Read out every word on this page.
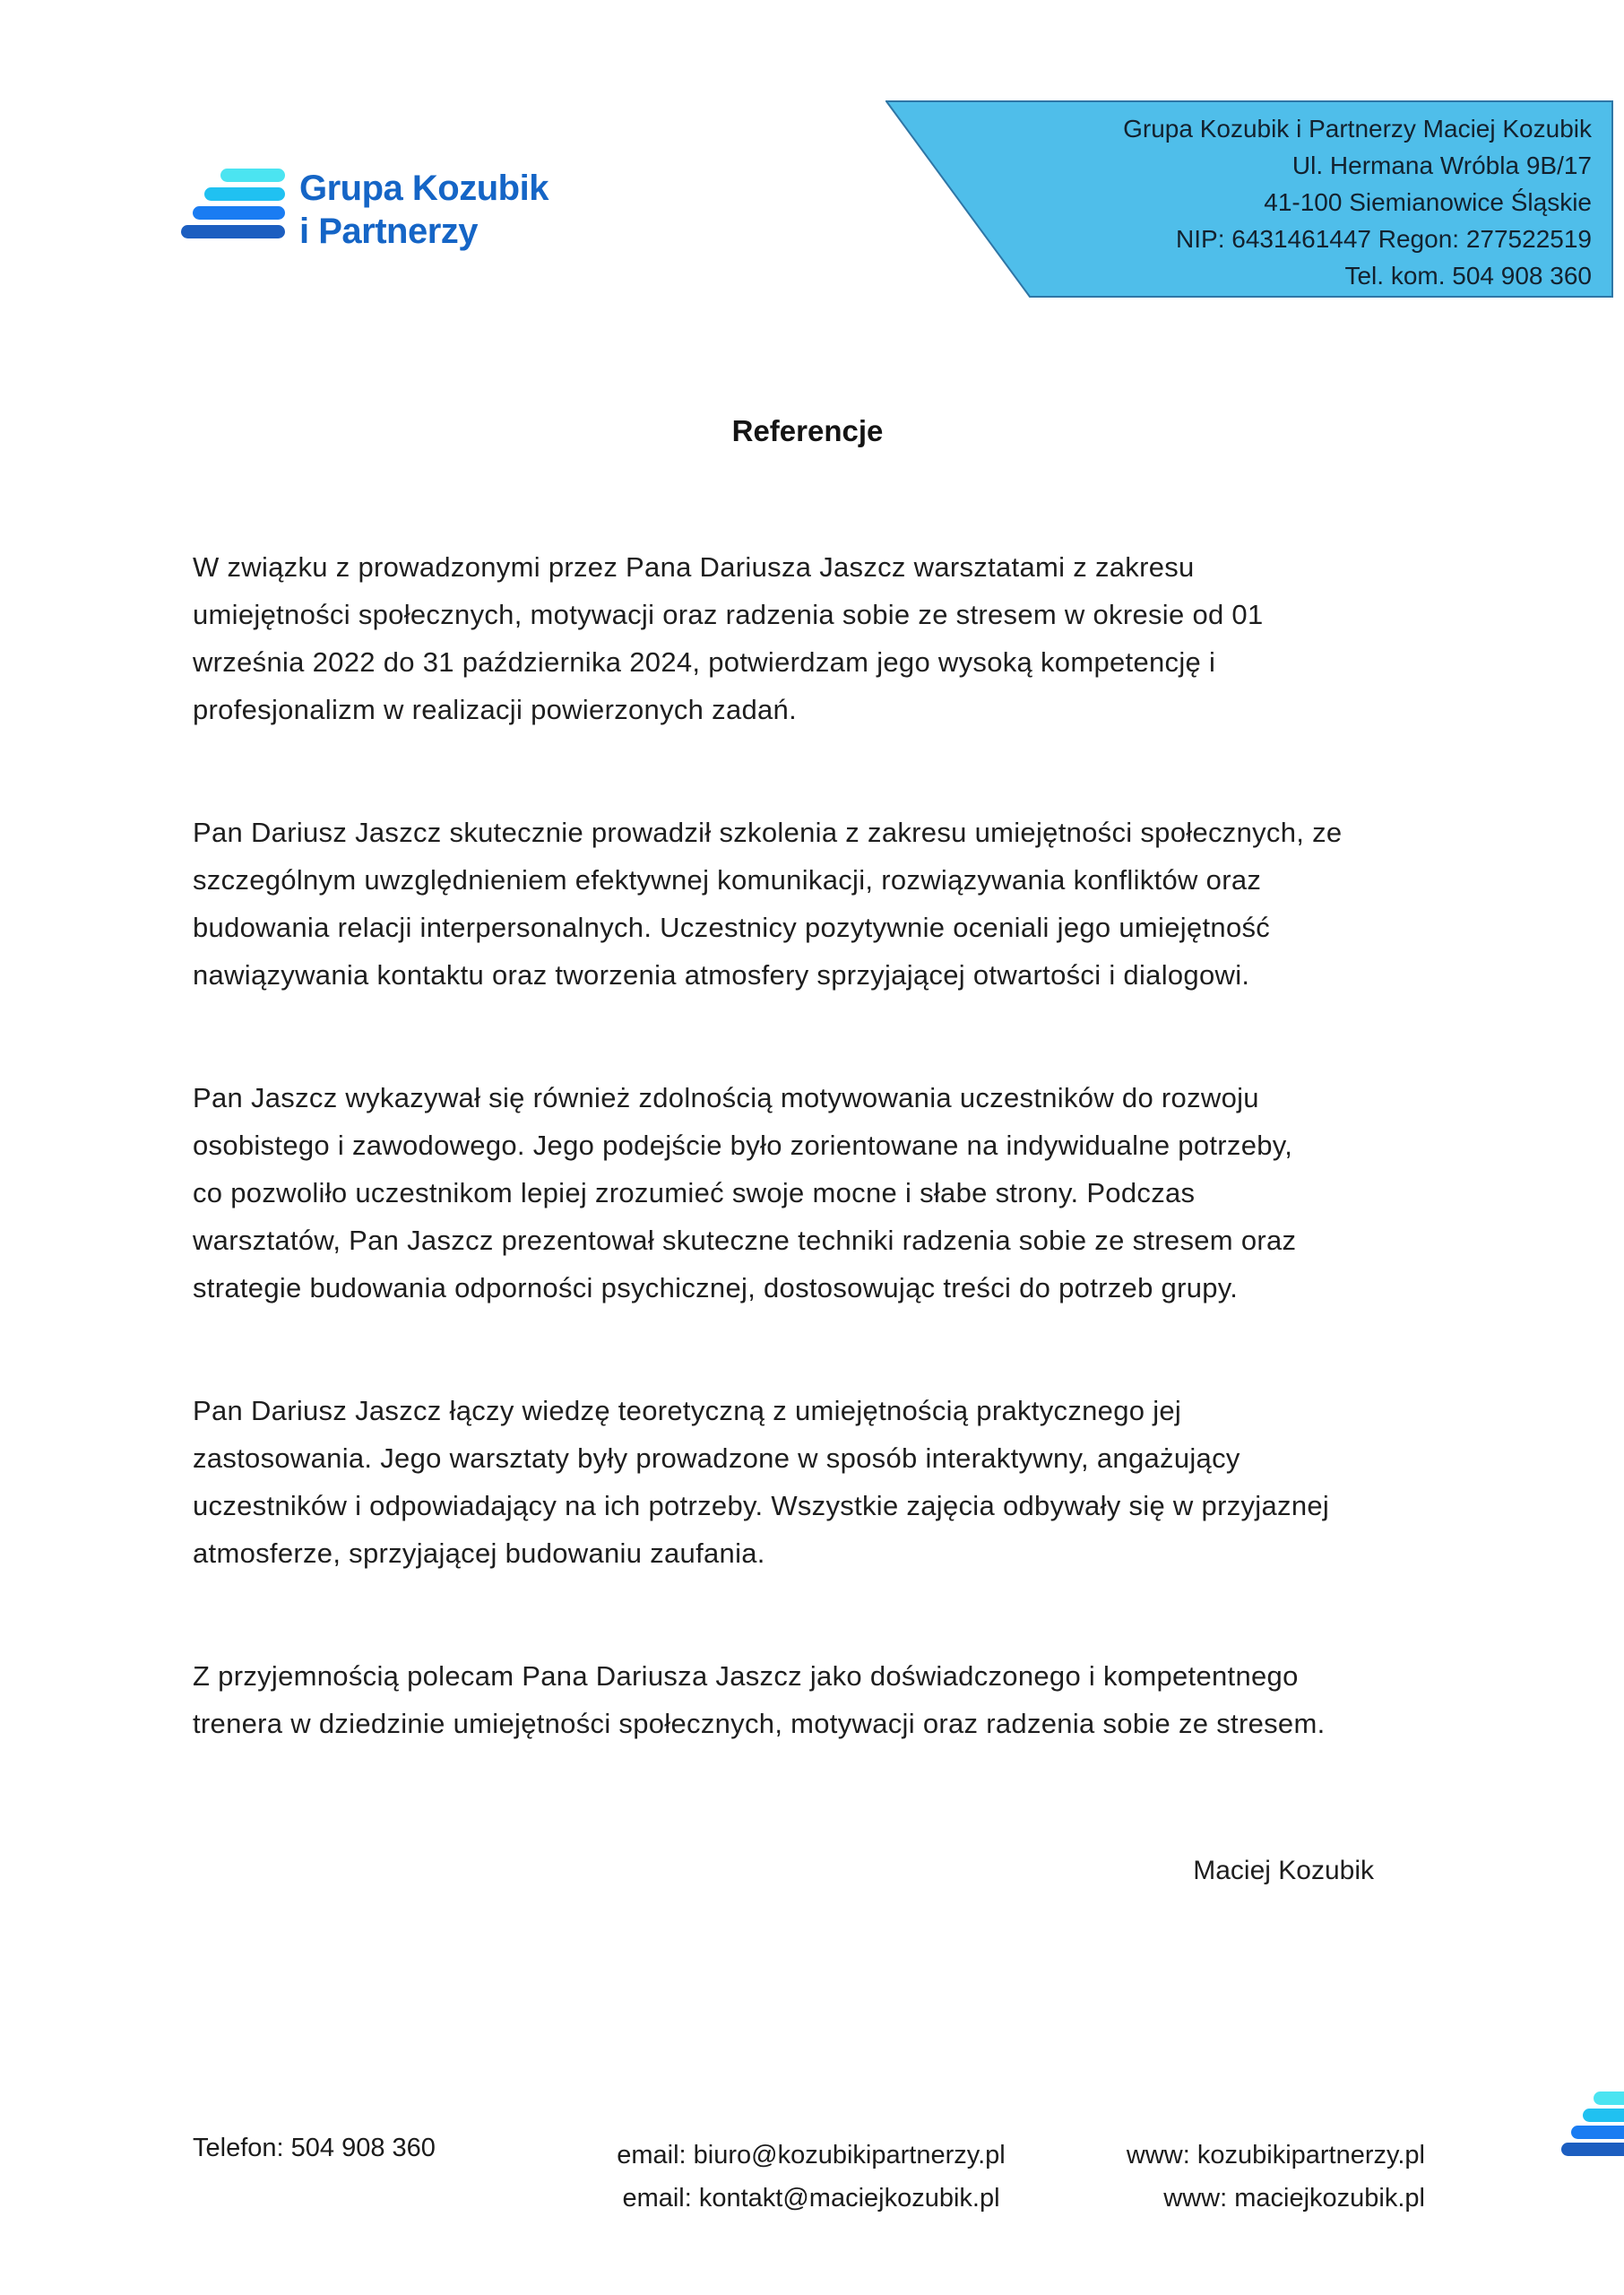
Grupa Kozubik
i Partnerzy
Grupa Kozubik i Partnerzy Maciej Kozubik
Ul. Hermana Wróbla 9B/17
41-100 Siemianowice Śląskie
NIP: 6431461447 Regon: 277522519
Tel. kom. 504 908 360
Referencje
W związku z prowadzonymi przez Pana Dariusza Jaszcz warsztatami z zakresu
umiejętności społecznych, motywacji oraz radzenia sobie ze stresem w okresie od 01
września 2022 do 31 października 2024, potwierdzam jego wysoką kompetencję i
profesjonalizm w realizacji powierzonych zadań.
Pan Dariusz Jaszcz skutecznie prowadził szkolenia z zakresu umiejętności społecznych, ze
szczególnym uwzględnieniem efektywnej komunikacji, rozwiązywania konfliktów oraz
budowania relacji interpersonalnych. Uczestnicy pozytywnie oceniali jego umiejętność
nawiązywania kontaktu oraz tworzenia atmosfery sprzyjającej otwartości i dialogowi.
Pan Jaszcz wykazywał się również zdolnością motywowania uczestników do rozwoju
osobistego i zawodowego. Jego podejście było zorientowane na indywidualne potrzeby,
co pozwoliło uczestnikom lepiej zrozumieć swoje mocne i słabe strony. Podczas
warsztatów, Pan Jaszcz prezentował skuteczne techniki radzenia sobie ze stresem oraz
strategie budowania odporności psychicznej, dostosowując treści do potrzeb grupy.
Pan Dariusz Jaszcz łączy wiedzę teoretyczną z umiejętnością praktycznego jej
zastosowania. Jego warsztaty były prowadzone w sposób interaktywny, angażujący
uczestników i odpowiadający na ich potrzeby. Wszystkie zajęcia odbywały się w przyjaznej
atmosferze, sprzyjającej budowaniu zaufania.
Z przyjemnością polecam Pana Dariusza Jaszcz jako doświadczonego i kompetentnego
trenera w dziedzinie umiejętności społecznych, motywacji oraz radzenia sobie ze stresem.
Maciej Kozubik
Telefon: 504 908 360	email: biuro@kozubikipartnerzy.pl
email: kontakt@maciejkozubik.pl
www: kozubikipartnerzy.pl
www: maciejkozubik.pl
